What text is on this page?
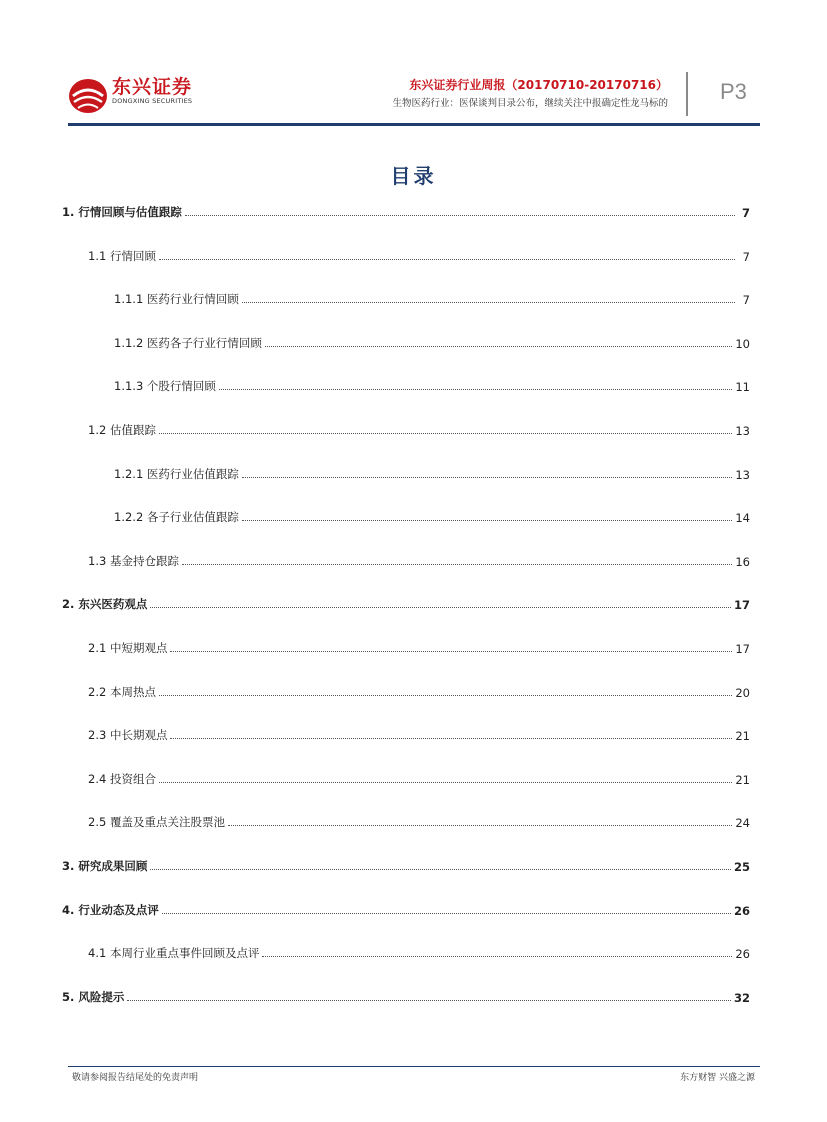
东兴证券
DONGXING SECURITIES
东兴证券行业周报（20170710-20170716）
生物医药行业：医保谈判目录公布，继续关注中报确定性龙马标的 P3
目录
1. 行情回顾与估值跟踪	7
1.1 行情回顾	7
1.1.1 医药行业行情回顾	7
1.1.2 医药各子行业行情回顾	10
1.1.3 个股行情回顾	11
1.2 估值跟踪	13
1.2.1 医药行业估值跟踪	13
1.2.2 各子行业估值跟踪	14
1.3 基金持仓跟踪	16
2. 东兴医药观点	17
2.1 中短期观点	17
2.2 本周热点	20
2.3 中长期观点	21
2.4 投资组合	21
2.5 覆盖及重点关注股票池	24
3. 研究成果回顾	25
4. 行业动态及点评	26
4.1 本周行业重点事件回顾及点评	26
5. 风险提示	32
敬请参阅报告结尾处的免责声明	东方财智 兴盛之源
